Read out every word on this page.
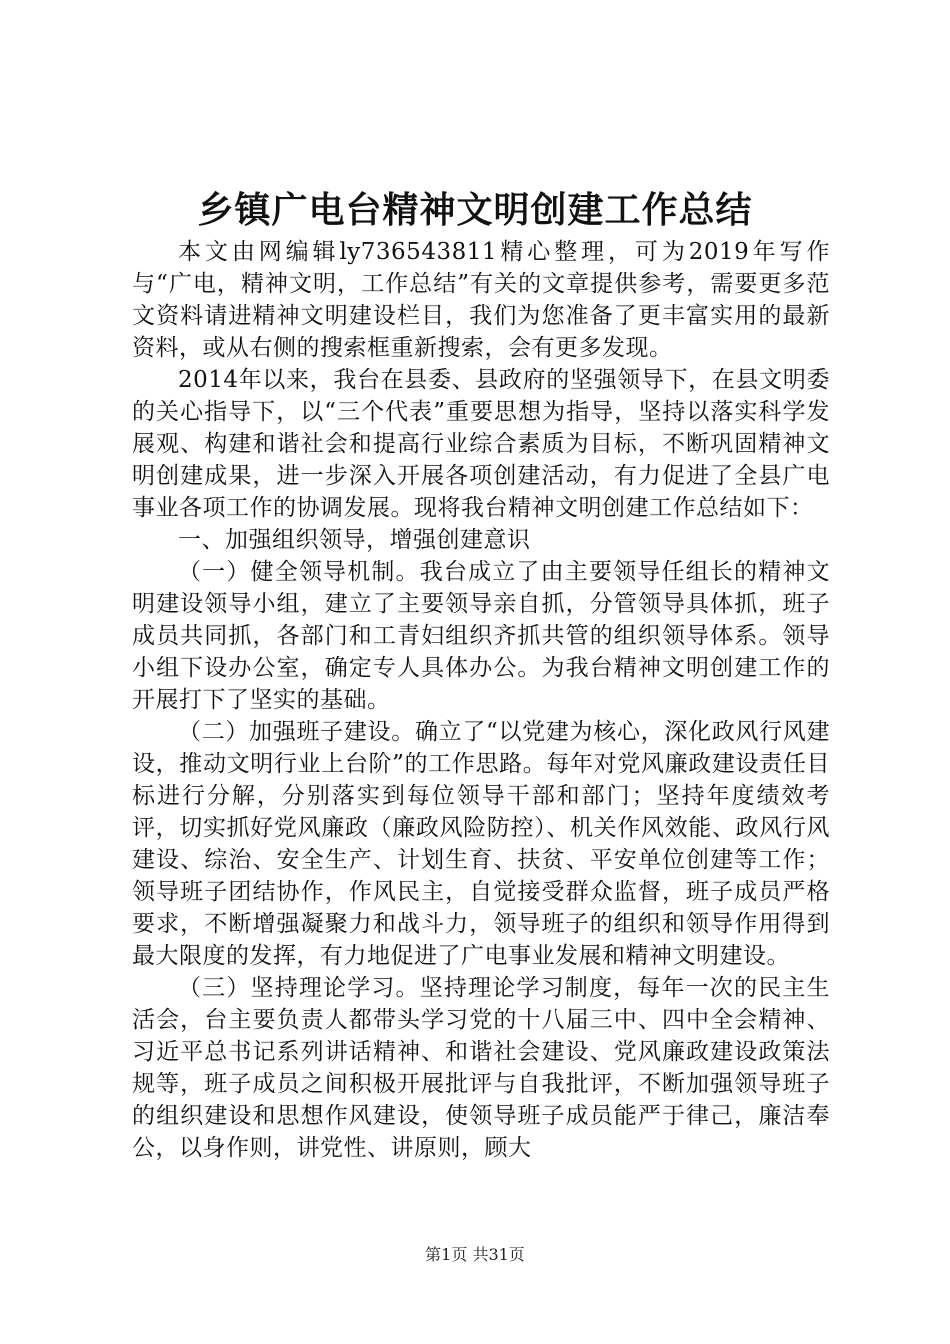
乡镇广电台精神文明创建工作总结

本文由网编辑ly736543811精心整理，可为2019年写作与“广电，精神文明，工作总结”有关的文章提供参考，需要更多范文资料请进精神文明建设栏目，我们为您准备了更丰富实用的最新资料，或从右侧的搜索框重新搜索，会有更多发现。

2014年以来，我台在县委、县政府的坚强领导下，在县文明委的关心指导下，以“三个代表”重要思想为指导，坚持以落实科学发展观、构建和谐社会和提高行业综合素质为目标，不断巩固精神文明创建成果，进一步深入开展各项创建活动，有力促进了全县广电事业各项工作的协调发展。现将我台精神文明创建工作总结如下：

一、加强组织领导，增强创建意识

（一）健全领导机制。我台成立了由主要领导任组长的精神文明建设领导小组，建立了主要领导亲自抓，分管领导具体抓，班子成员共同抓，各部门和工青妇组织齐抓共管的组织领导体系。领导小组下设办公室，确定专人具体办公。为我台精神文明创建工作的开展打下了坚实的基础。

（二）加强班子建设。确立了“以党建为核心，深化政风行风建设，推动文明行业上台阶”的工作思路。每年对党风廉政建设责任目标进行分解，分别落实到每位领导干部和部门；坚持年度绩效考评，切实抓好党风廉政（廉政风险防控）、机关作风效能、政风行风建设、综治、安全生产、计划生育、扶贫、平安单位创建等工作；领导班子团结协作，作风民主，自觉接受群众监督，班子成员严格要求，不断增强凝聚力和战斗力，领导班子的组织和领导作用得到最大限度的发挥，有力地促进了广电事业发展和精神文明建设。

（三）坚持理论学习。坚持理论学习制度，每年一次的民主生活会，台主要负责人都带头学习党的十八届三中、四中全会精神、习近平总书记系列讲话精神、和谐社会建设、党风廉政建设政策法规等，班子成员之间积极开展批评与自我批评，不断加强领导班子的组织建设和思想作风建设，使领导班子成员能严于律己，廉洁奉公，以身作则，讲党性、讲原则，顾大

第1页 共31页
